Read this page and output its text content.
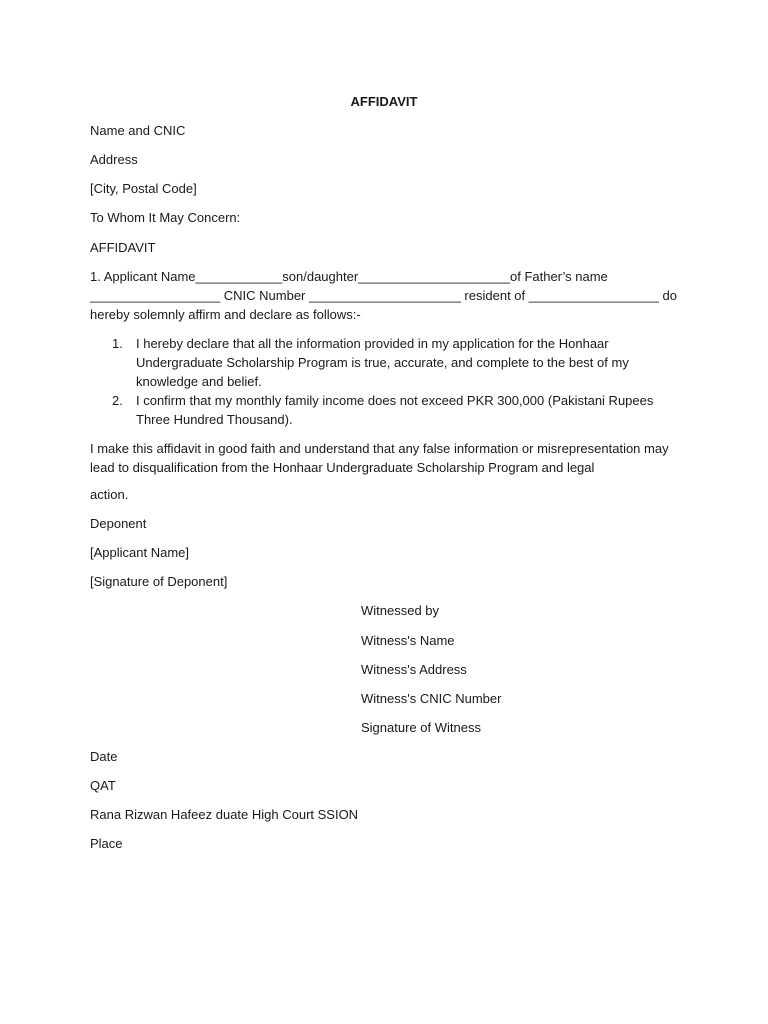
AFFIDAVIT
Name and CNIC
Address
[City, Postal Code]
To Whom It May Concern:
AFFIDAVIT
1. Applicant Name____________son/daughter_____________________of Father’s name
__________________ CNIC Number _____________________ resident of __________________ do
hereby solemnly affirm and declare as follows:-
1. I hereby declare that all the information provided in my application for the Honhaar Undergraduate Scholarship Program is true, accurate, and complete to the best of my knowledge and belief.
2. I confirm that my monthly family income does not exceed PKR 300,000 (Pakistani Rupees Three Hundred Thousand).
I make this affidavit in good faith and understand that any false information or misrepresentation may lead to disqualification from the Honhaar Undergraduate Scholarship Program and legal
action.
Deponent
[Applicant Name]
[Signature of Deponent]
Witnessed by
Witness's Name
Witness's Address
Witness's CNIC Number
Signature of Witness
Date
QAT
Rana Rizwan Hafeez duate High Court SSION
Place
